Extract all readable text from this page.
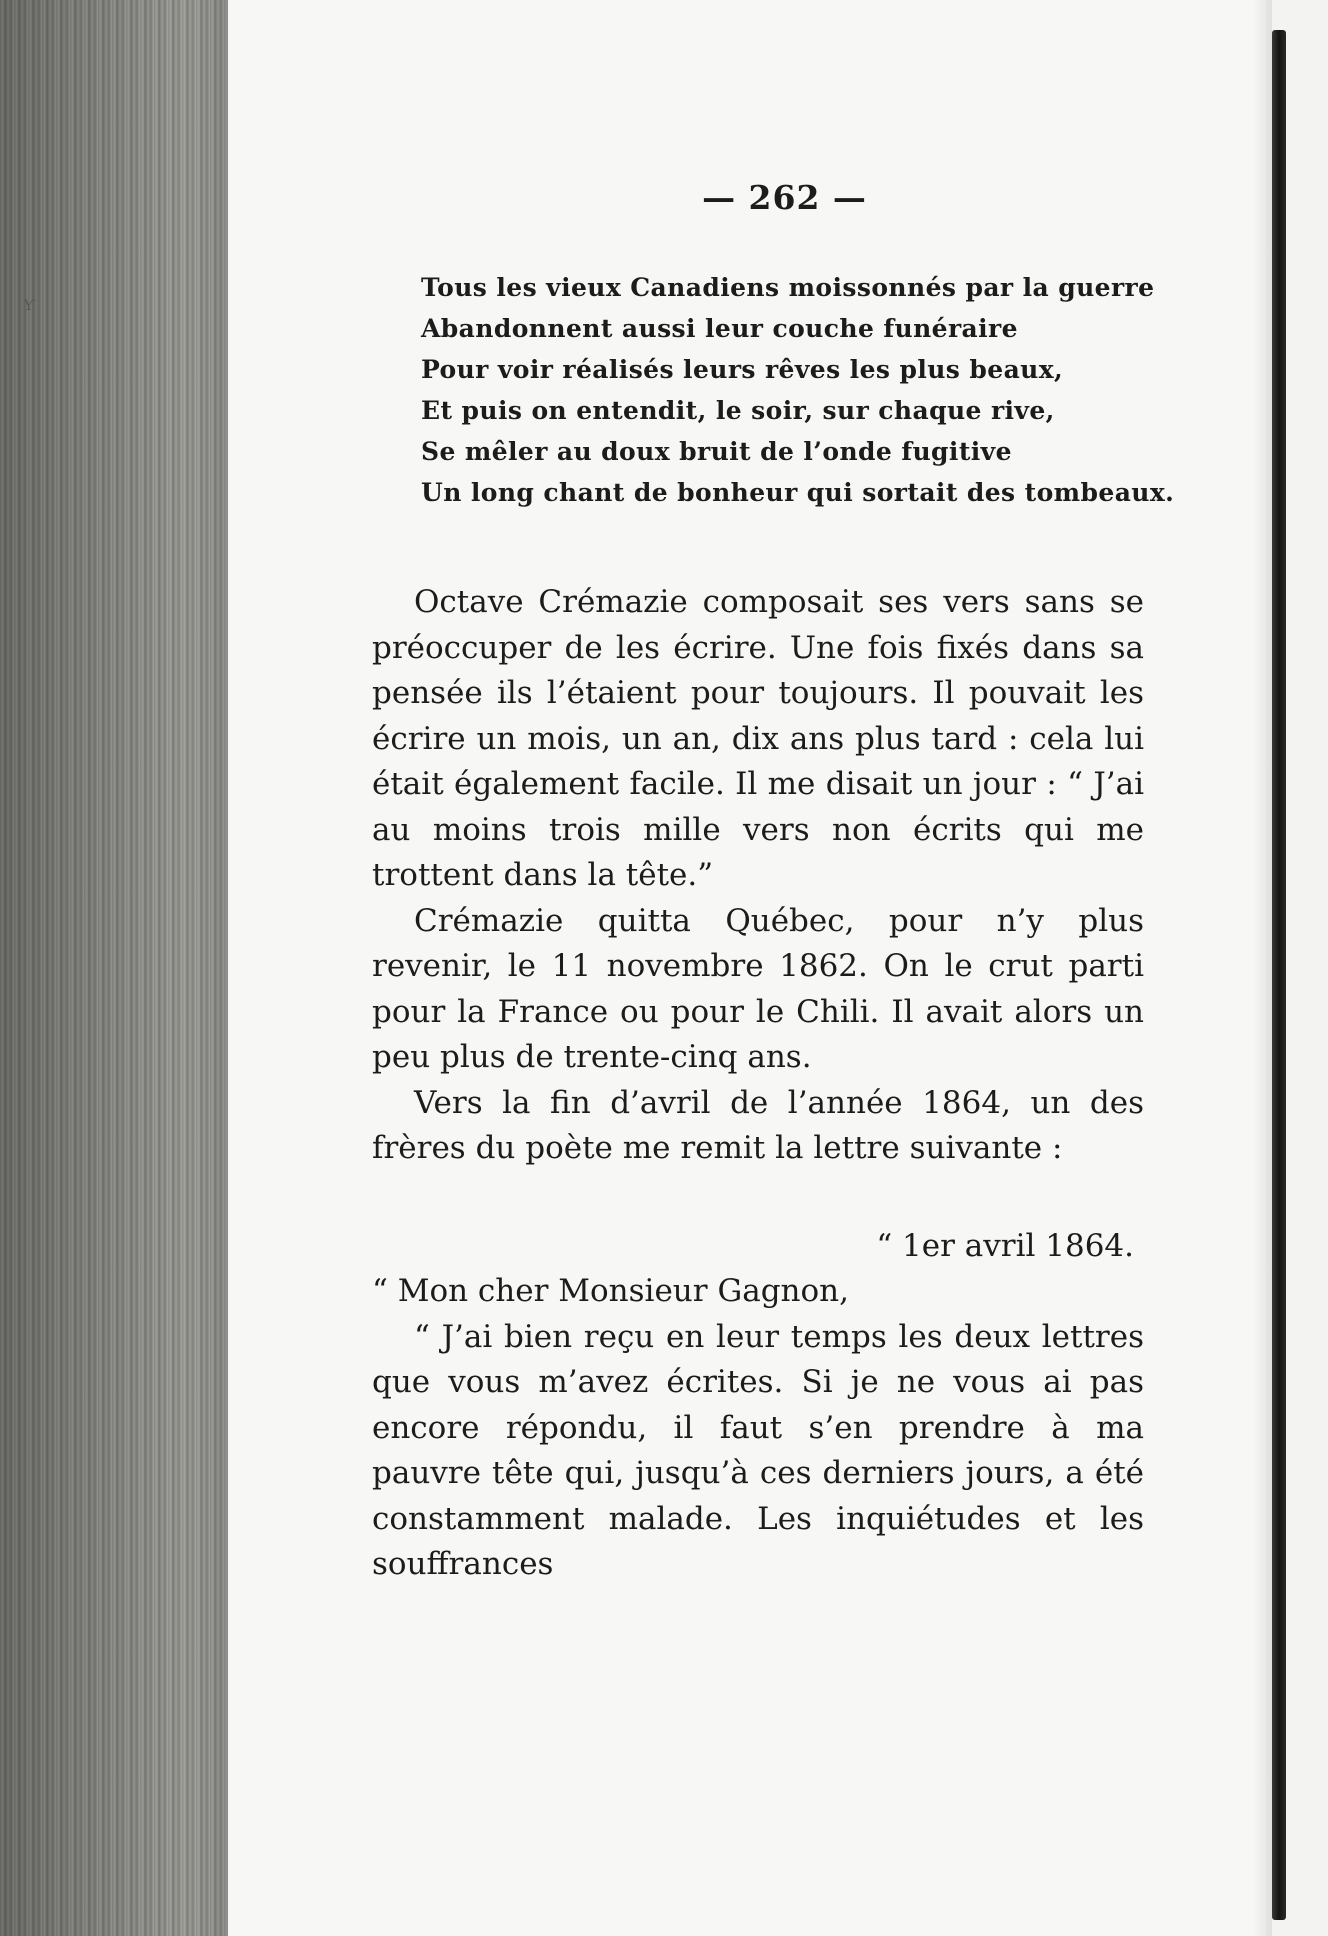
Ƴ
— 262 —
Tous les vieux Canadiens moissonnés par la guerre
Abandonnent aussi leur couche funéraire
Pour voir réalisés leurs rêves les plus beaux,
Et puis on entendit, le soir, sur chaque rive,
Se mêler au doux bruit de l’onde fugitive
Un long chant de bonheur qui sortait des tombeaux.

Octave Crémazie composait ses vers sans se préoccuper de les écrire. Une fois fixés dans sa pensée ils l’étaient pour toujours. Il pouvait les écrire un mois, un an, dix ans plus tard : cela lui était également facile. Il me disait un jour : “ J’ai au moins trois mille vers non écrits qui me trottent dans la tête.”

Crémazie quitta Québec, pour n’y plus revenir, le 11 novembre 1862. On le crut parti pour la France ou pour le Chili. Il avait alors un peu plus de trente-cinq ans.

Vers la fin d’avril de l’année 1864, un des frères du poète me remit la lettre suivante :

“ 1er avril 1864.

“ Mon cher Monsieur Gagnon,

“ J’ai bien reçu en leur temps les deux lettres que vous m’avez écrites. Si je ne vous ai pas encore répondu, il faut s’en prendre à ma pauvre tête qui, jusqu’à ces derniers jours, a été constamment malade. Les inquiétudes et les souffrances
